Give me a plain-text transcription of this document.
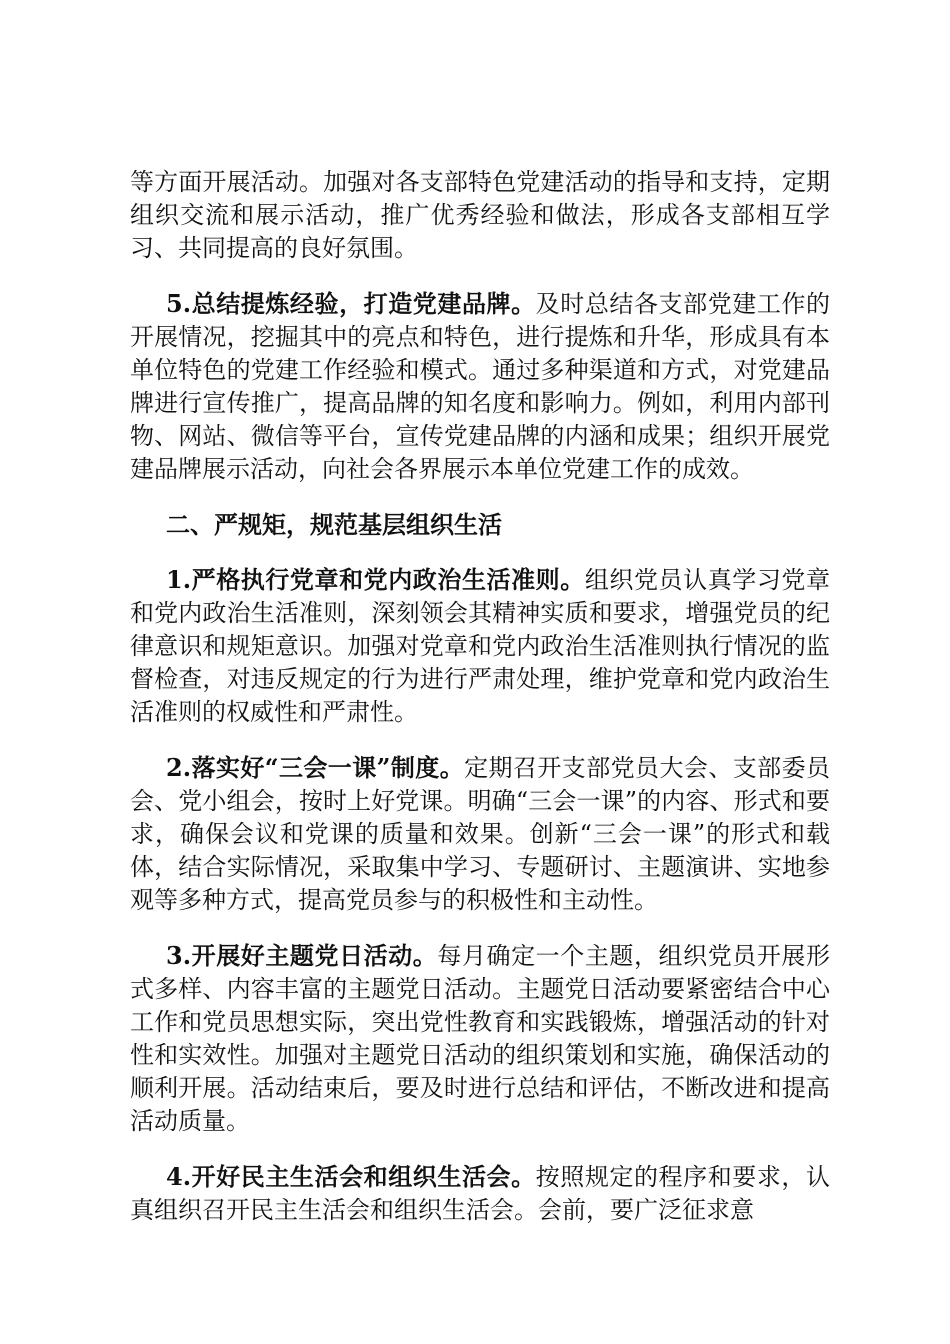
等方面开展活动。加强对各支部特色党建活动的指导和支持，定期组织交流和展示活动，推广优秀经验和做法，形成各支部相互学习、共同提高的良好氛围。

5.总结提炼经验，打造党建品牌。及时总结各支部党建工作的开展情况，挖掘其中的亮点和特色，进行提炼和升华，形成具有本单位特色的党建工作经验和模式。通过多种渠道和方式，对党建品牌进行宣传推广，提高品牌的知名度和影响力。例如，利用内部刊物、网站、微信等平台，宣传党建品牌的内涵和成果；组织开展党建品牌展示活动，向社会各界展示本单位党建工作的成效。

二、严规矩，规范基层组织生活

1.严格执行党章和党内政治生活准则。组织党员认真学习党章和党内政治生活准则，深刻领会其精神实质和要求，增强党员的纪律意识和规矩意识。加强对党章和党内政治生活准则执行情况的监督检查，对违反规定的行为进行严肃处理，维护党章和党内政治生活准则的权威性和严肃性。

2.落实好“三会一课”制度。定期召开支部党员大会、支部委员会、党小组会，按时上好党课。明确“三会一课”的内容、形式和要求，确保会议和党课的质量和效果。创新“三会一课”的形式和载体，结合实际情况，采取集中学习、专题研讨、主题演讲、实地参观等多种方式，提高党员参与的积极性和主动性。

3.开展好主题党日活动。每月确定一个主题，组织党员开展形式多样、内容丰富的主题党日活动。主题党日活动要紧密结合中心工作和党员思想实际，突出党性教育和实践锻炼，增强活动的针对性和实效性。加强对主题党日活动的组织策划和实施，确保活动的顺利开展。活动结束后，要及时进行总结和评估，不断改进和提高活动质量。

4.开好民主生活会和组织生活会。按照规定的程序和要求，认真组织召开民主生活会和组织生活会。会前，要广泛征求意
